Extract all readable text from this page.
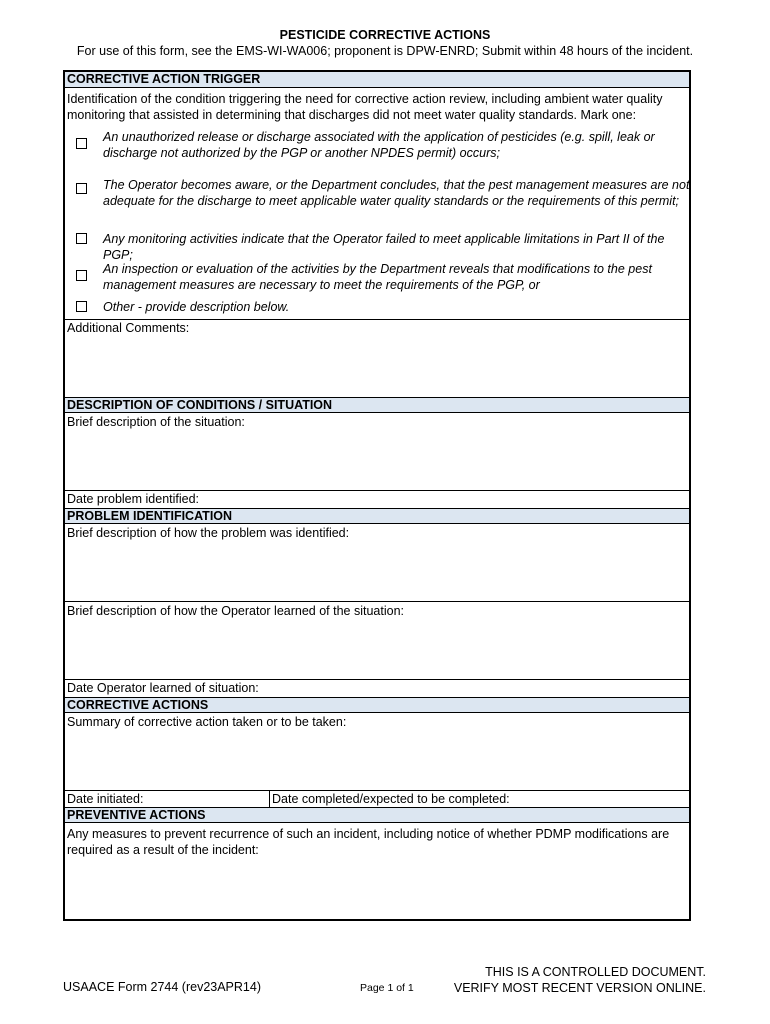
PESTICIDE CORRECTIVE ACTIONS
For use of this form, see the EMS-WI-WA006; proponent is DPW-ENRD; Submit within 48 hours of the incident.
CORRECTIVE ACTION TRIGGER
Identification of the condition triggering the need for corrective action review, including ambient water quality
monitoring that assisted in determining that discharges did not meet water quality standards. Mark one:
An unauthorized release or discharge associated with the application of pesticides (e.g. spill, leak or
discharge not authorized by the PGP or another NPDES permit) occurs;
The Operator becomes aware, or the Department concludes, that the pest management measures are not
adequate for the discharge to meet applicable water quality standards or the requirements of this permit;
Any monitoring activities indicate that the Operator failed to meet applicable limitations in Part II of the PGP;
An inspection or evaluation of the activities by the Department reveals that modifications to the pest
management measures are necessary to meet the requirements of the PGP, or
Other - provide description below.
Additional Comments:
DESCRIPTION OF CONDITIONS / SITUATION
Brief description of the situation:
Date problem identified:
PROBLEM IDENTIFICATION
Brief description of how the problem was identified:
Brief description of how the Operator learned of the situation:
Date Operator learned of situation:
CORRECTIVE ACTIONS
Summary of corrective action taken or to be taken:
Date initiated:	Date completed/expected to be completed:
PREVENTIVE ACTIONS
Any measures to prevent recurrence of such an incident, including notice of whether PDMP modifications are
required as a result of the incident:
USAACE Form 2744 (rev23APR14)	Page 1 of 1
THIS IS A CONTROLLED DOCUMENT.
VERIFY MOST RECENT VERSION ONLINE.
